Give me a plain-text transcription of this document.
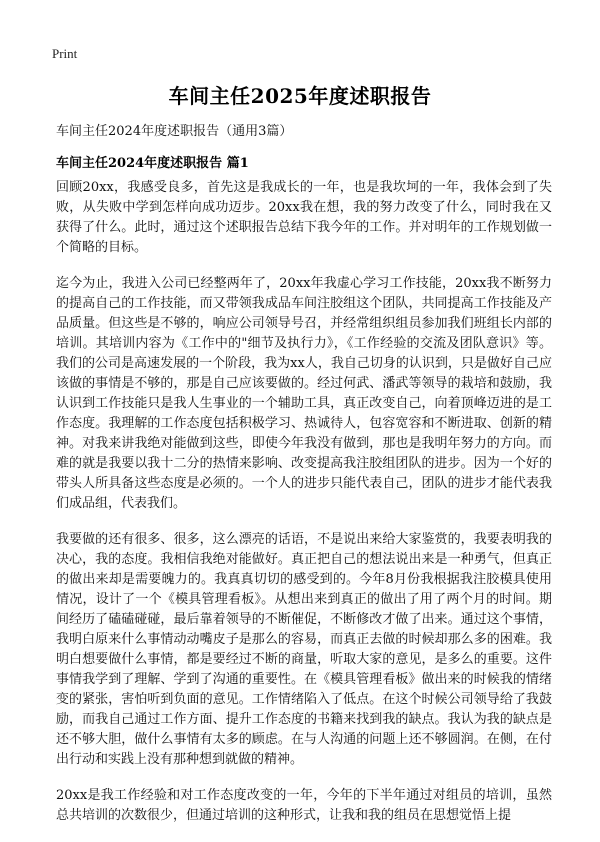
Print
车间主任2025年度述职报告
车间主任2024年度述职报告（通用3篇）
车间主任2024年度述职报告 篇1

回顾20xx，我感受良多，首先这是我成长的一年，也是我坎坷的一年，我体会到了失败，从失败中学到怎样向成功迈步。20xx我在想，我的努力改变了什么，同时我在又获得了什么。此时，通过这个述职报告总结下我今年的工作。并对明年的工作规划做一个简略的目标。

迄今为止，我进入公司已经整两年了，20xx年我虚心学习工作技能，20xx我不断努力的提高自己的工作技能，而又带领我成品车间注胶组这个团队，共同提高工作技能及产品质量。但这些是不够的，响应公司领导号召，并经常组织组员参加我们班组长内部的培训。其培训内容为《工作中的"细节及执行力》，《工作经验的交流及团队意识》等。我们的公司是高速发展的一个阶段，我为xx人，我自己切身的认识到，只是做好自己应该做的事情是不够的，那是自己应该要做的。经过何武、潘武等领导的栽培和鼓励，我认识到工作技能只是我人生事业的一个辅助工具，真正改变自己，向着顶峰迈进的是工作态度。我理解的工作态度包括积极学习、热诚待人，包容宽容和不断进取、创新的精神。对我来讲我绝对能做到这些，即使今年我没有做到，那也是我明年努力的方向。而难的就是我要以我十二分的热情来影响、改变提高我注胶组团队的进步。因为一个好的带头人所具备这些态度是必须的。一个人的进步只能代表自己，团队的进步才能代表我们成品组，代表我们。

我要做的还有很多、很多，这么漂亮的话语，不是说出来给大家鉴赏的，我要表明我的决心，我的态度。我相信我绝对能做好。真正把自己的想法说出来是一种勇气，但真正的做出来却是需要魄力的。我真真切切的感受到的。今年8月份我根据我注胶模具使用情况，设计了一个《模具管理看板》。从想出来到真正的做出了用了两个月的时间。期间经历了磕磕碰碰，最后靠着领导的不断催促，不断修改才做了出来。通过这个事情，我明白原来什么事情动动嘴皮子是那么的容易，而真正去做的时候却那么多的困难。我明白想要做什么事情，都是要经过不断的商量，听取大家的意见，是多么的重要。这件事情我学到了理解、学到了沟通的重要性。在《模具管理看板》做出来的时候我的情绪变的紧张，害怕听到负面的意见。工作情绪陷入了低点。在这个时候公司领导给了我鼓励，而我自己通过工作方面、提升工作态度的书籍来找到我的缺点。我认为我的缺点是还不够大胆，做什么事情有太多的顾虑。在与人沟通的问题上还不够圆润。在侧，在付出行动和实践上没有那种想到就做的精神。

20xx是我工作经验和对工作态度改变的一年，今年的下半年通过对组员的培训，虽然总共培训的次数很少，但通过培训的这种形式，让我和我的组员在思想觉悟上提
